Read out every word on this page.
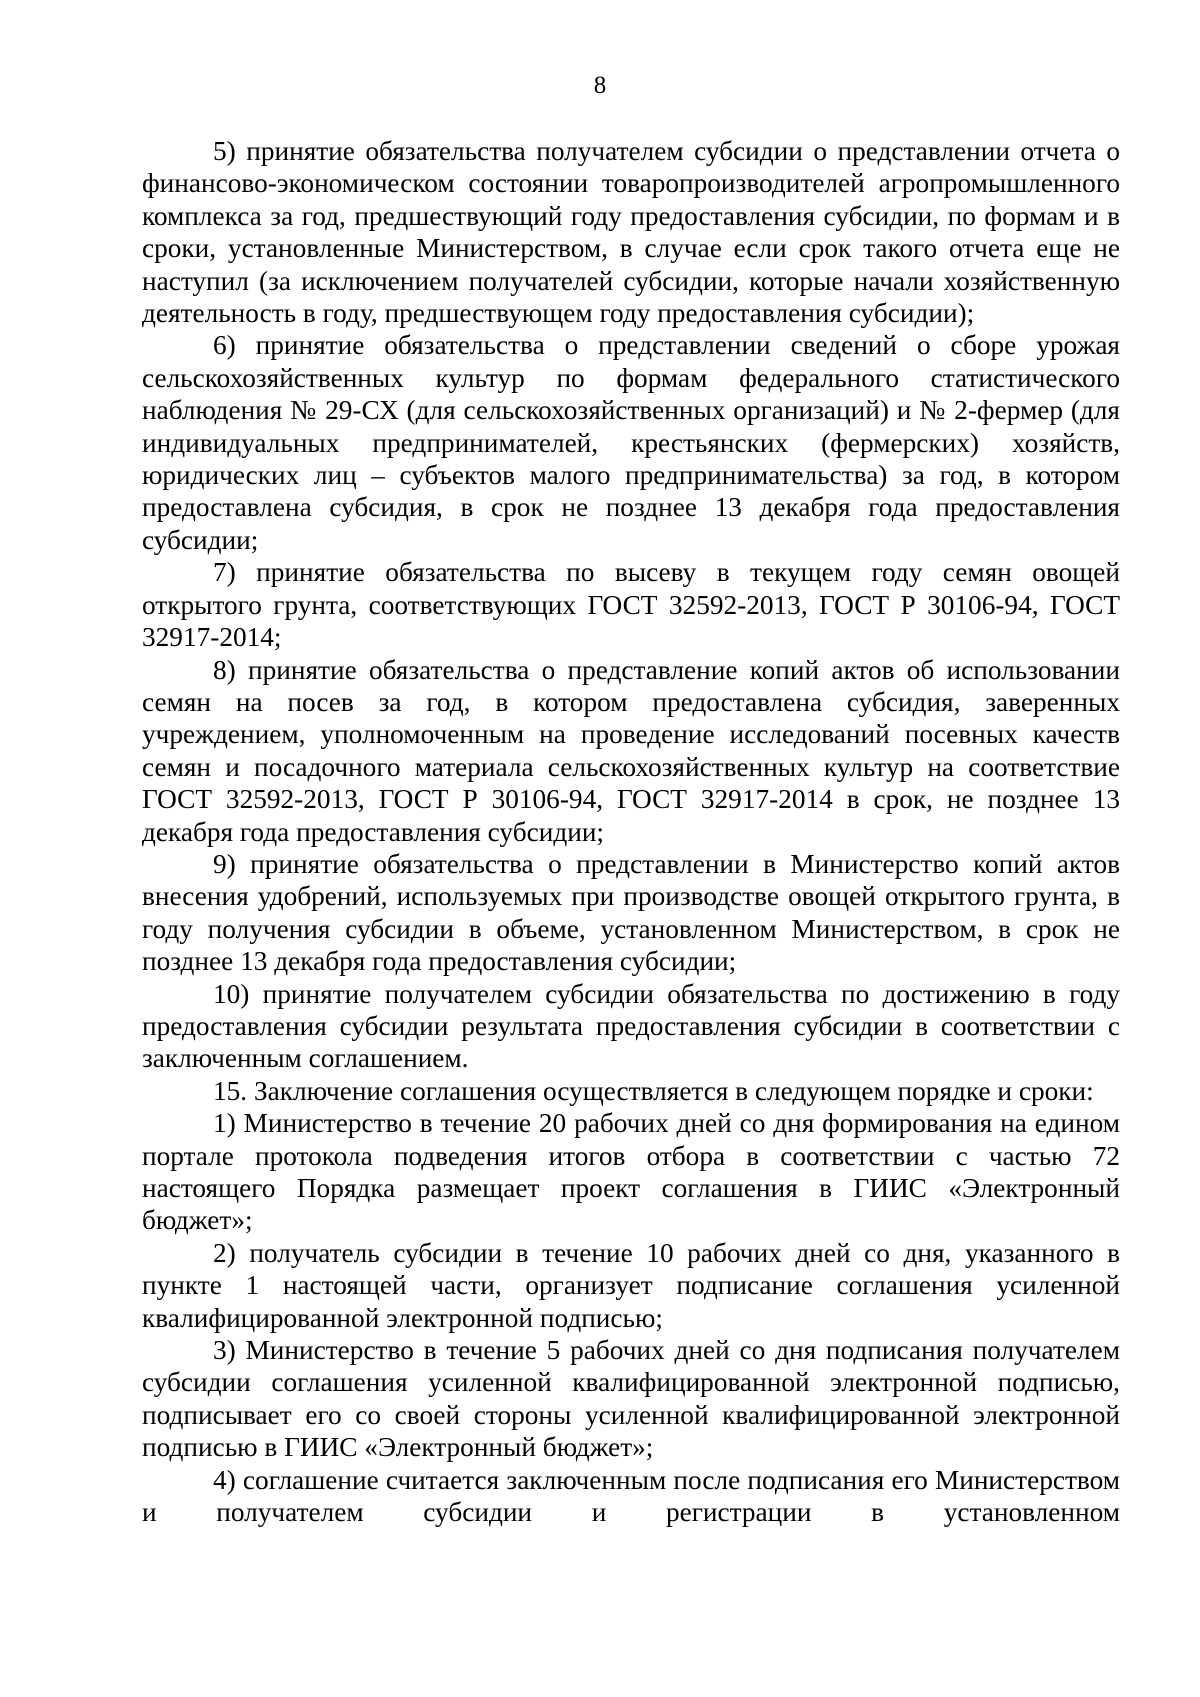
8

5) принятие обязательства получателем субсидии о представлении отчета о финансово-экономическом состоянии товаропроизводителей агропромышленного комплекса за год, предшествующий году предоставления субсидии, по формам и в сроки, установленные Министерством, в случае если срок такого отчета еще не наступил (за исключением получателей субсидии, которые начали хозяйственную деятельность в году, предшествующем году предоставления субсидии);

6) принятие обязательства о представлении сведений о сборе урожая сельскохозяйственных культур по формам федерального статистического наблюдения № 29-СХ (для сельскохозяйственных организаций) и № 2-фермер (для индивидуальных предпринимателей, крестьянских (фермерских) хозяйств, юридических лиц – субъектов малого предпринимательства) за год, в котором предоставлена субсидия, в срок не позднее 13 декабря года предоставления субсидии;

7) принятие обязательства по высеву в текущем году семян овощей открытого грунта, соответствующих ГОСТ 32592-2013, ГОСТ Р 30106-94, ГОСТ 32917-2014;

8) принятие обязательства о представление копий актов об использовании семян на посев за год, в котором предоставлена субсидия, заверенных учреждением, уполномоченным на проведение исследований посевных качеств семян и посадочного материала сельскохозяйственных культур на соответствие ГОСТ 32592-2013, ГОСТ Р 30106-94, ГОСТ 32917-2014 в срок, не позднее 13 декабря года предоставления субсидии;

9) принятие обязательства о представлении в Министерство копий актов внесения удобрений, используемых при производстве овощей открытого грунта, в году получения субсидии в объеме, установленном Министерством, в срок не позднее 13 декабря года предоставления субсидии;

10) принятие получателем субсидии обязательства по достижению в году предоставления субсидии результата предоставления субсидии в соответствии с заключенным соглашением.

15. Заключение соглашения осуществляется в следующем порядке и сроки:

1) Министерство в течение 20 рабочих дней со дня формирования на едином портале протокола подведения итогов отбора в соответствии с частью 72 настоящего Порядка размещает проект соглашения в ГИИС «Электронный бюджет»;

2) получатель субсидии в течение 10 рабочих дней со дня, указанного в пункте 1 настоящей части, организует подписание соглашения усиленной квалифицированной электронной подписью;

3) Министерство в течение 5 рабочих дней со дня подписания получателем субсидии соглашения усиленной квалифицированной электронной подписью, подписывает его со своей стороны усиленной квалифицированной электронной подписью в ГИИС «Электронный бюджет»;

4) соглашение считается заключенным после подписания его Министерством и получателем субсидии и регистрации в установленном
